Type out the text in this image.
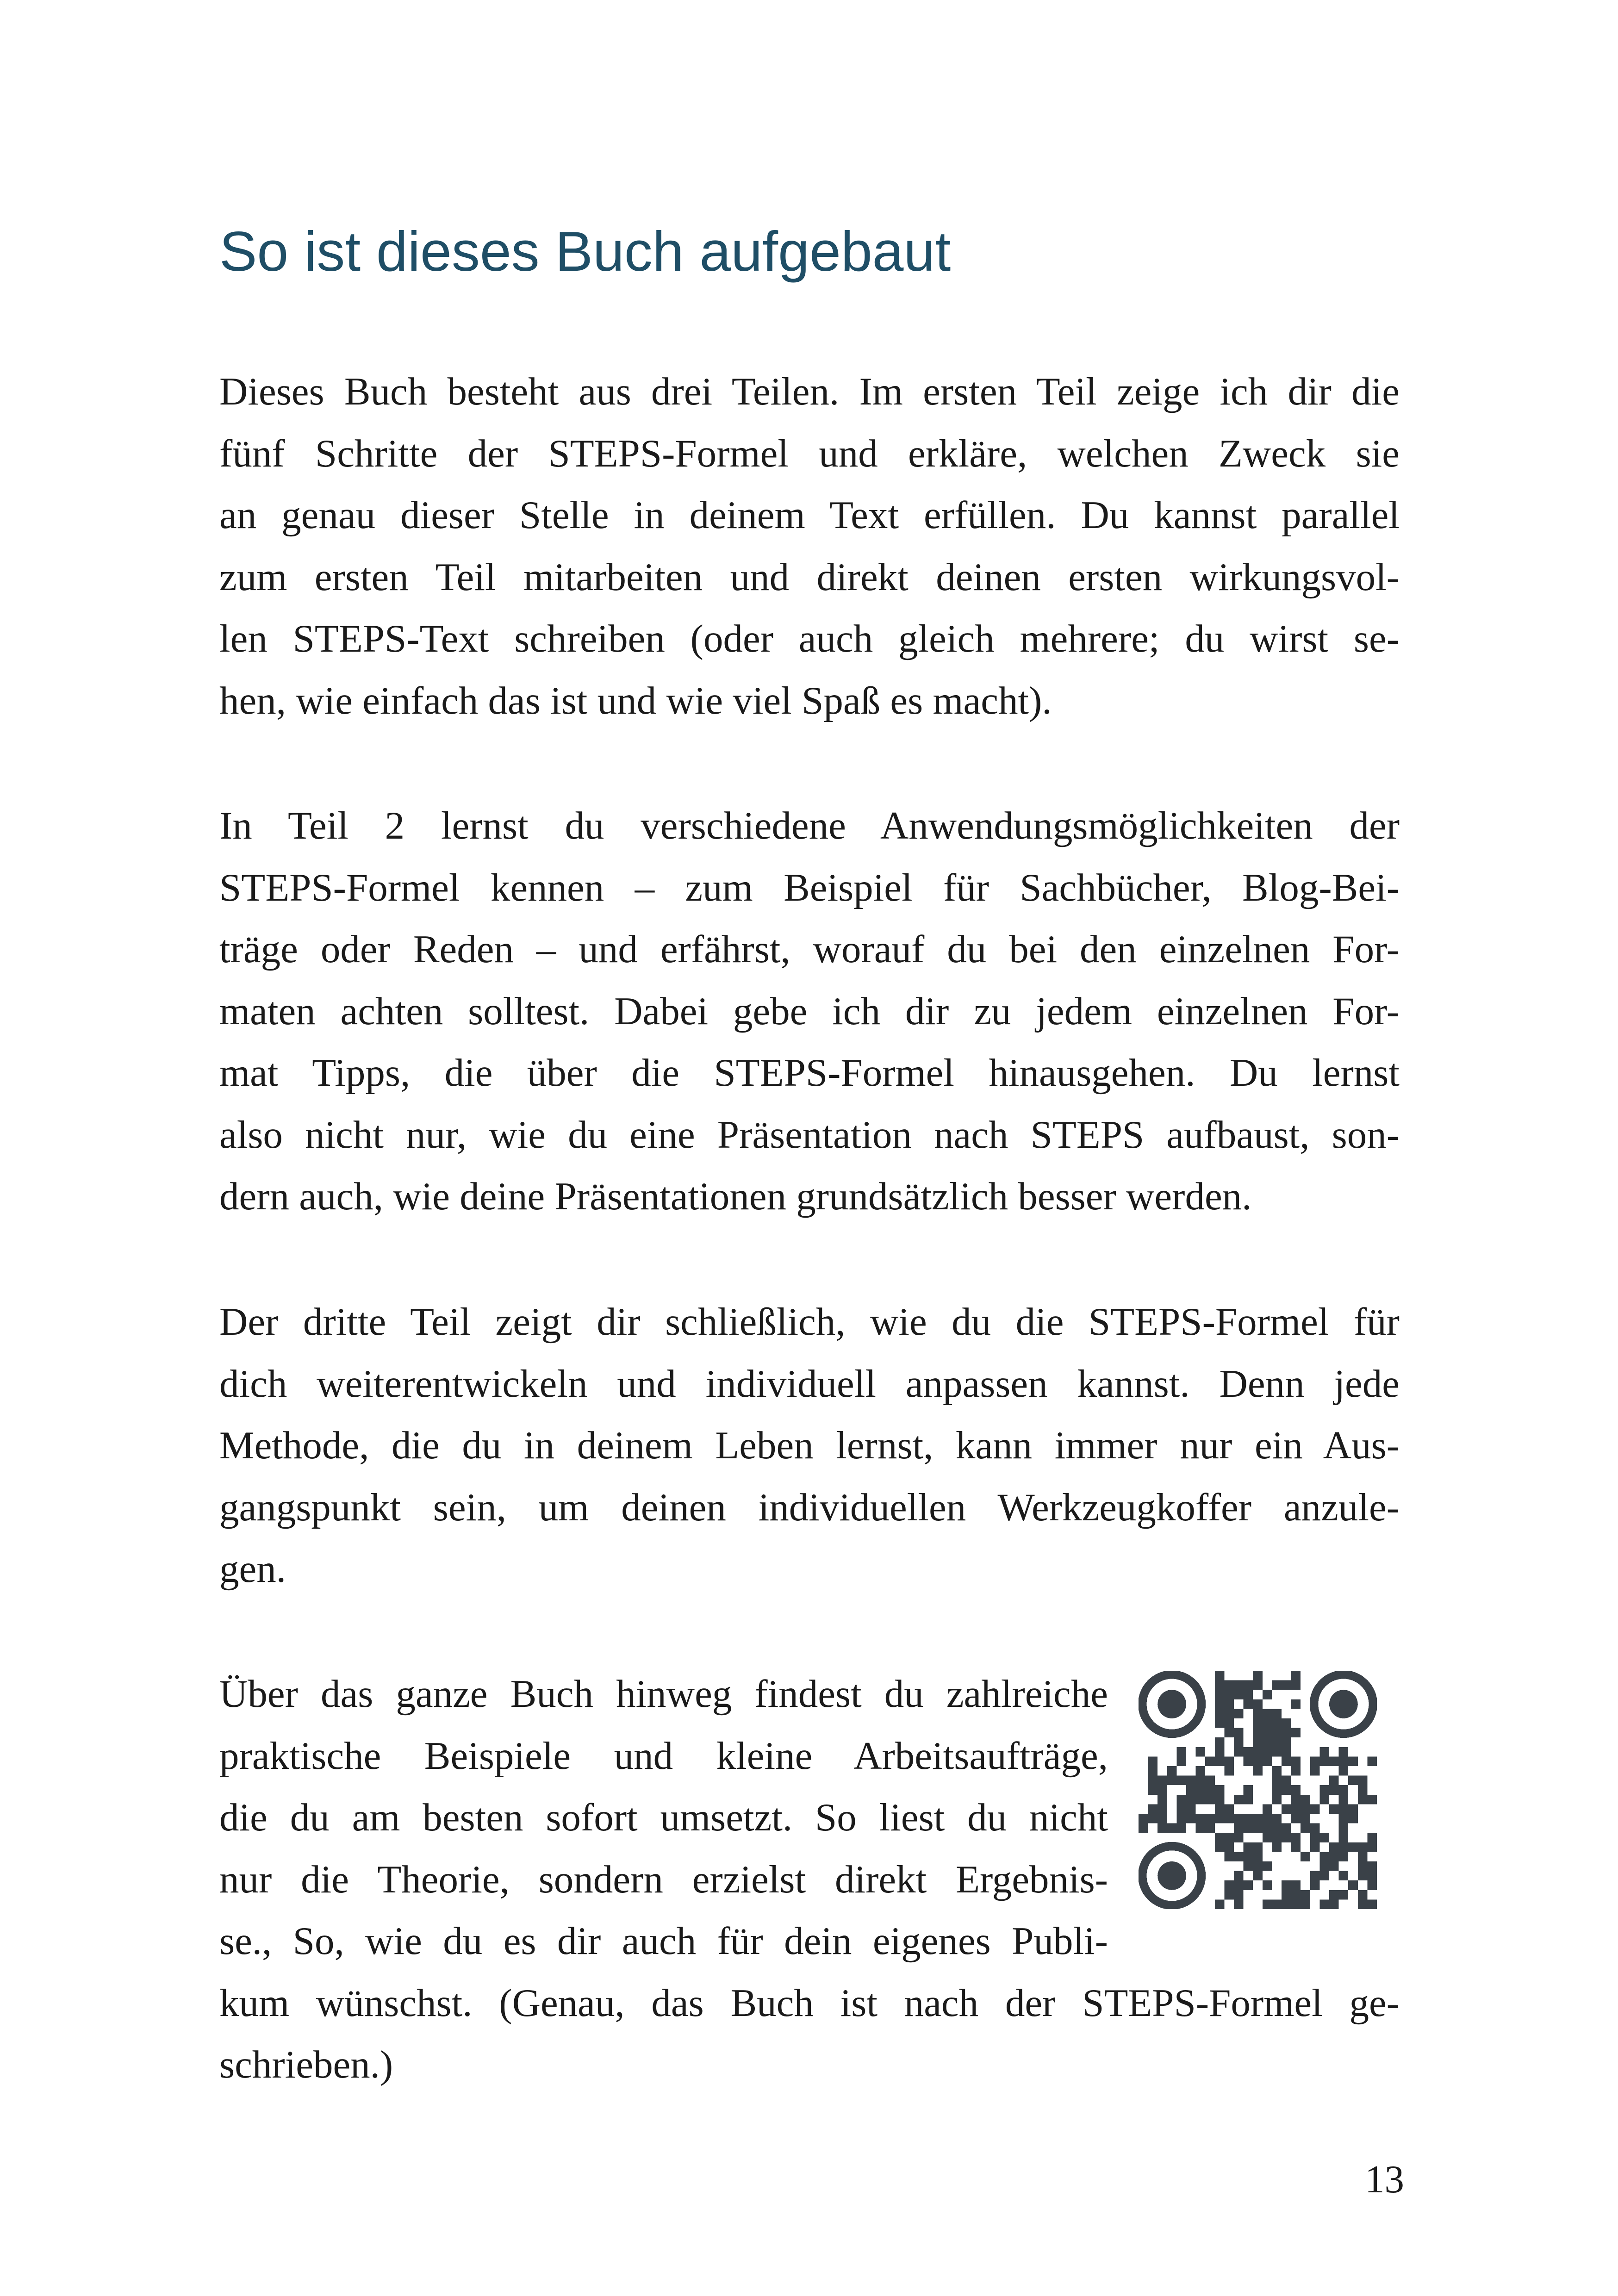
So ist dieses Buch aufgebaut
Dieses Buch besteht aus drei Teilen. Im ersten Teil zeige ich dir die
fünf Schritte der STEPS-Formel und erkläre, welchen Zweck sie
an genau dieser Stelle in deinem Text erfüllen. Du kannst parallel
zum ersten Teil mitarbeiten und direkt deinen ersten wirkungsvol-
len STEPS-Text schreiben (oder auch gleich mehrere; du wirst se-
hen, wie einfach das ist und wie viel Spaß es macht).
In Teil 2 lernst du verschiedene Anwendungsmöglichkeiten der
STEPS-Formel kennen – zum Beispiel für Sachbücher, Blog-Bei-
träge oder Reden – und erfährst, worauf du bei den einzelnen For-
maten achten solltest. Dabei gebe ich dir zu jedem einzelnen For-
mat Tipps, die über die STEPS-Formel hinausgehen. Du lernst
also nicht nur, wie du eine Präsentation nach STEPS aufbaust, son-
dern auch, wie deine Präsentationen grundsätzlich besser werden.
Der dritte Teil zeigt dir schließlich, wie du die STEPS-Formel für
dich weiterentwickeln und individuell anpassen kannst. Denn jede
Methode, die du in deinem Leben lernst, kann immer nur ein Aus-
gangspunkt sein, um deinen individuellen Werkzeugkoffer anzule-
gen.
Über das ganze Buch hinweg findest du zahlreiche
praktische Beispiele und kleine Arbeitsaufträge,
die du am besten sofort umsetzt. So liest du nicht
nur die Theorie, sondern erzielst direkt Ergebnis-
se., So, wie du es dir auch für dein eigenes Publi-
kum wünschst. (Genau, das Buch ist nach der STEPS-Formel ge-
schrieben.)
13
